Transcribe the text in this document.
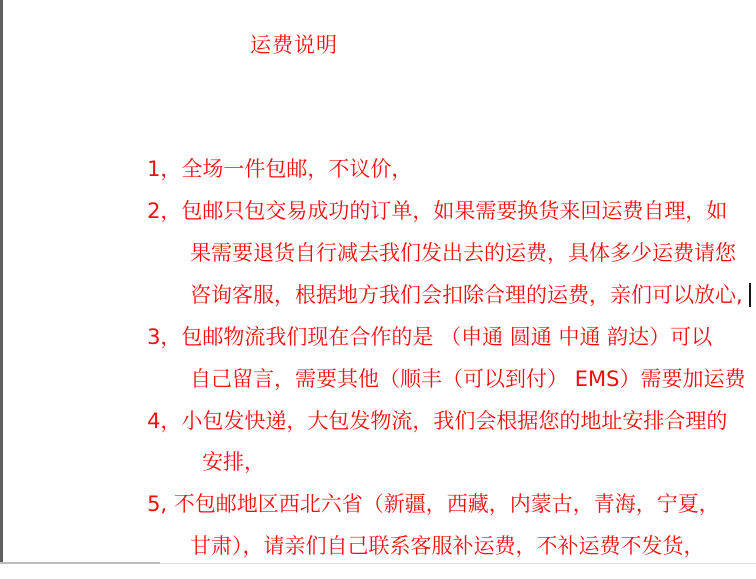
运费说明

1，全场一件包邮，不议价，

2，包邮只包交易成功的订单，如果需要换货来回运费自理，如

果需要退货自行减去我们发出去的运费，具体多少运费请您

咨询客服，根据地方我们会扣除合理的运费，亲们可以放心,

3，包邮物流我们现在合作的是 （申通 圆通 中通 韵达）可以

自己留言，需要其他（顺丰（可以到付） EMS）需要加运费

4，小包发快递，大包发物流，我们会根据您的地址安排合理的

安排，

5, 不包邮地区西北六省（新疆，西藏，内蒙古，青海，宁夏，

甘肃），请亲们自己联系客服补运费，不补运费不发货，
